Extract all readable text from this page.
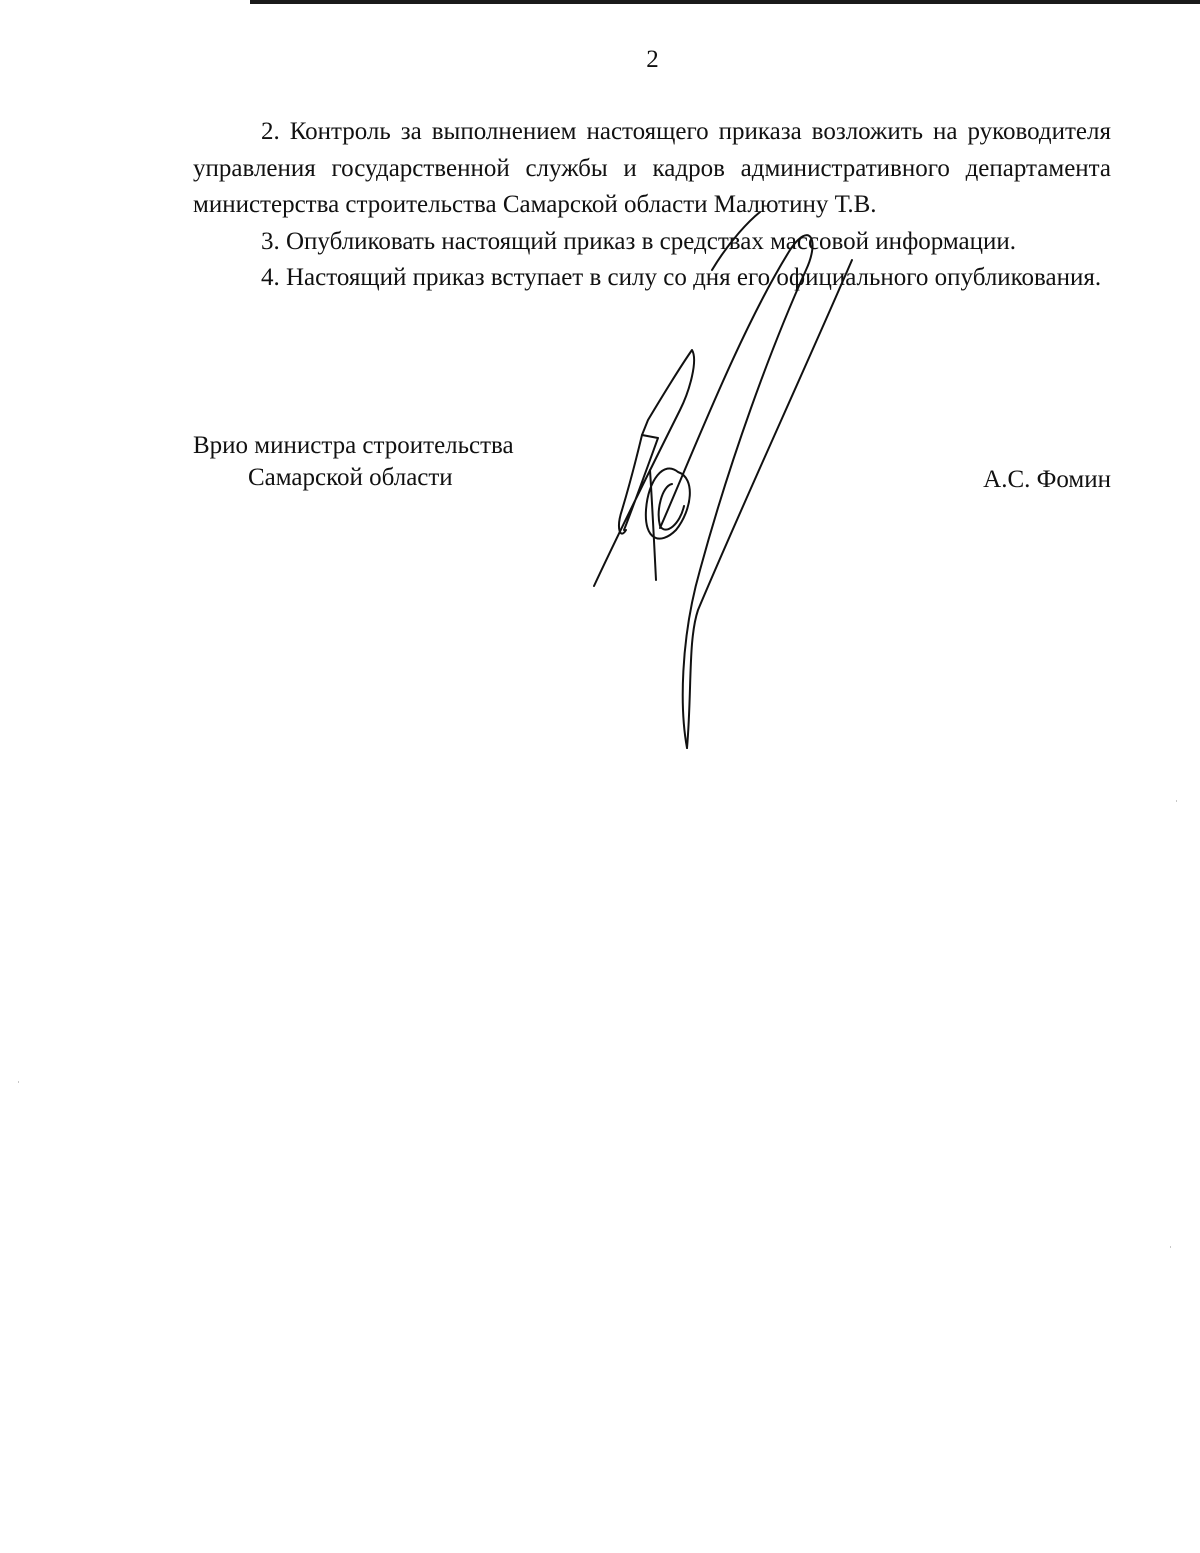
2

2. Контроль за выполнением настоящего приказа возложить на руководителя управления государственной службы и кадров административного департамента министерства строительства Самарской области Малютину Т.В.

3. Опубликовать настоящий приказ в средствах массовой информации.

4. Настоящий приказ вступает в силу со дня его официального опубликования.

Врио министра строительства

Самарской области	А.С. Фомин
